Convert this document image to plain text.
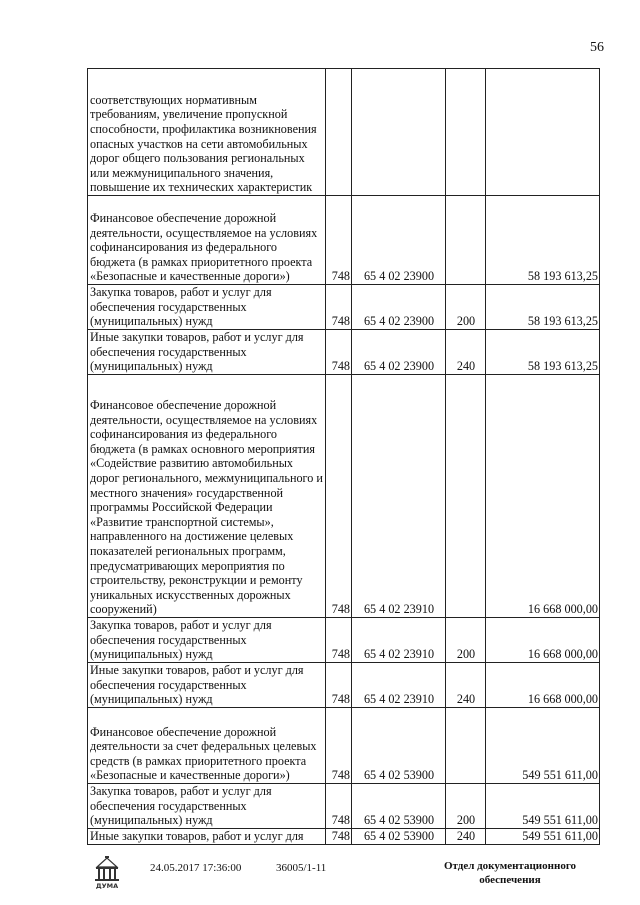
56
соответствующих нормативным требованиям, увеличение пропускной способности, профилактика возникновения опасных участков на сети автомобильных дорог общего пользования региональных или межмуниципального значения, повышение их технических характеристик				
Финансовое обеспечение дорожной деятельности, осуществляемое на условиях софинансирования из федерального бюджета (в рамках приоритетного проекта «Безопасные и качественные дороги»)	748	65 4 02 23900		58 193 613,25
Закупка товаров, работ и услуг для обеспечения государственных (муниципальных) нужд	748	65 4 02 23900	200	58 193 613,25
Иные закупки товаров, работ и услуг для обеспечения государственных (муниципальных) нужд	748	65 4 02 23900	240	58 193 613,25
Финансовое обеспечение дорожной деятельности, осуществляемое на условиях софинансирования из федерального бюджета (в рамках основного мероприятия «Содействие развитию автомобильных дорог регионального, межмуниципального и местного значения» государственной программы Российской Федерации «Развитие транспортной системы», направленного на достижение целевых показателей региональных программ, предусматривающих мероприятия по строительству, реконструкции и ремонту уникальных искусственных дорожных сооружений)	748	65 4 02 23910		16 668 000,00
Закупка товаров, работ и услуг для обеспечения государственных (муниципальных) нужд	748	65 4 02 23910	200	16 668 000,00
Иные закупки товаров, работ и услуг для обеспечения государственных (муниципальных) нужд	748	65 4 02 23910	240	16 668 000,00
Финансовое обеспечение дорожной деятельности за счет федеральных целевых средств (в рамках приоритетного проекта «Безопасные и качественные дороги»)	748	65 4 02 53900		549 551 611,00
Закупка товаров, работ и услуг для обеспечения государственных (муниципальных) нужд	748	65 4 02 53900	200	549 551 611,00
Иные закупки товаров, работ и услуг для	748	65 4 02 53900	240	549 551 611,00
ДУМА
24.05.2017 17:36:00	36005/1-11	Отдел документационного обеспечения
